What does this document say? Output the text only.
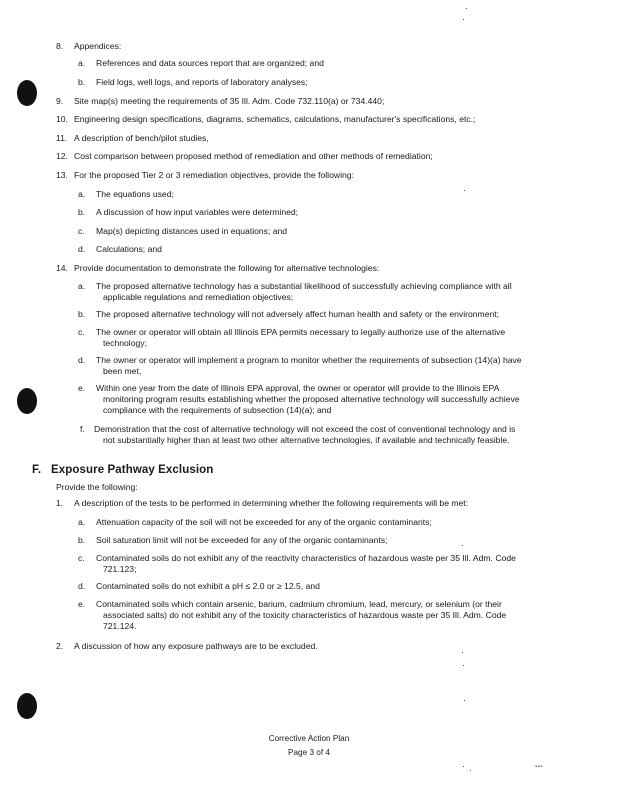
8.	Appendices:
a.	References and data sources report that are organized; and
b.	Field logs, well logs, and reports of laboratory analyses;
9.	Site map(s) meeting the requirements of 35 Ill. Adm. Code 732.110(a) or 734.440;
10. Engineering design specifications, diagrams, schematics, calculations, manufacturer's specifications, etc.;
11. A description of bench/pilot studies,
12. Cost comparison between proposed method of remediation and other methods of remediation;
13. For the proposed Tier 2 or 3 remediation objectives, provide the following:
a.	The equations used;
b.	A discussion of how input variables were determined;
c.	Map(s) depicting distances used in equations; and
d.	Calculations; and
14. Provide documentation to demonstrate the following for alternative technologies:
a.	The proposed alternative technology has a substantial likelihood of successfully achieving compliance with all
applicable regulations and remediation objectives;
b.	The proposed alternative technology will not adversely affect human health and safety or the environment;
c.	The owner or operator will obtain all Illinois EPA permits necessary to legally authorize use of the alternative
technology;
d.	The owner or operator will implement a program to monitor whether the requirements of subsection (14)(a) have
been met,
e.	Within one year from the date of Illinois EPA approval, the owner or operator will provide to the Illinois EPA
monitoring program results establishing whether the proposed alternative technology will successfully achieve
compliance with the requirements of subsection (14)(a); and
f.	Demonstration that the cost of alternative technology will not exceed the cost of conventional technology and is
not substantially higher than at least two other alternative technologies, if available and technically feasible.
F. Exposure Pathway Exclusion
Provide the following:
1.	A description of the tests to be performed in determining whether the following requirements will be met:
a.	Attenuation capacity of the soil will not be exceeded for any of the organic contaminants;
b.	Soil saturation limit will not be exceeded for any of the organic contaminants;
c.	Contaminated soils do not exhibit any of the reactivity characteristics of hazardous waste per 35 Ill. Adm. Code
721.123;
d.	Contaminated soils do not exhibit a pH ≤ 2.0 or ≥ 12.5, and
e.	Contaminated soils which contain arsenic, barium, cadmium chromium, lead, mercury, or selenium (or their
associated salts) do not exhibit any of the toxicity characteristics of hazardous waste per 35 Ill. Adm. Code
721.124.
2.	A discussion of how any exposure pathways are to be excluded.
Corrective Action Plan
Page 3 of 4
▪▪▪
